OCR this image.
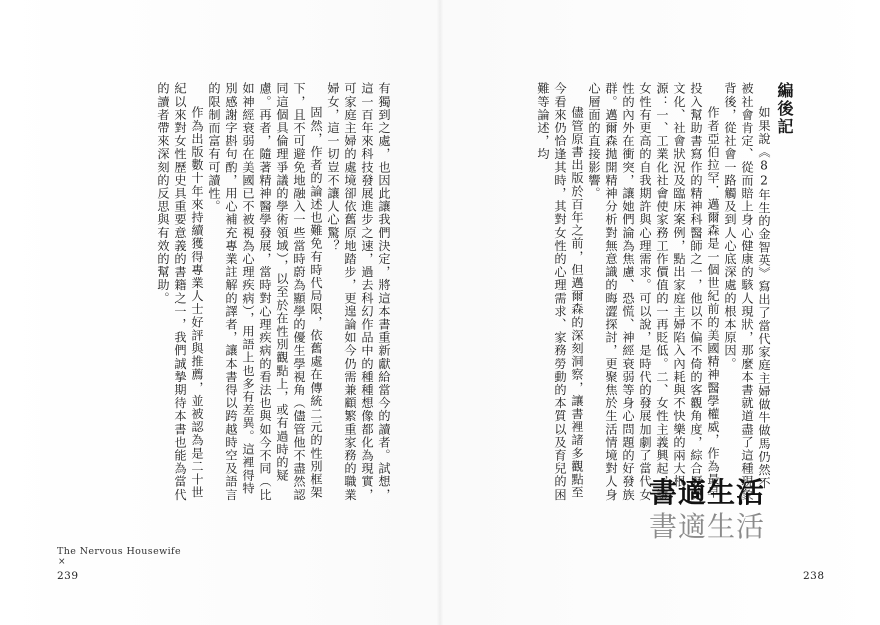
編後記

如果說《82年生的金智英》寫出了當代家庭主婦做牛做馬仍然不被社會肯定、從而賠上身心健康的駭人現狀，那麼本書就道盡了這種現象背後，從社會一路觸及到人心底深處的根本原因。

作者亞伯拉罕．邁爾森是一個世紀前的美國精神醫學權威，作為最早投入幫助書寫作的精神科醫師之一，他以不偏不倚的客觀角度，綜合歷史文化、社會狀況及臨床案例，點出家庭主婦陷入內耗與不快樂的兩大根源：一、工業化社會使家務工作價值的一再貶低。二、女性主義興起，讓女性有更高的自我期許與心理需求。可以說，是時代的發展加劇了當代女性的內外在衝突，讓她們淪為焦慮、恐慌、神經衰弱等身心問題的好發族群。邁爾森拋開精神分析對無意識的晦澀探討，更聚焦於生活情境對人身心層面的直接影響。

儘管原書出版於百年之前，但邁爾森的深刻洞察，讓書裡諸多觀點至今看來仍恰逢其時，其對女性的心理需求、家務勞動的本質以及育兒的困難等論述，均

有獨到之處，也因此讓我們決定，將這本書重新獻給當今的讀者。試想，這一百年來科技發展進步之速，過去科幻作品中的種種想像都化為現實，可家庭主婦的處境卻依舊原地踏步，更遑論如今仍需兼顧繁重家務的職業婦女，這一切豈不讓人心驚？

固然，作者的論述也難免有時代局限，依舊處在傳統二元的性別框架下，且不可避免地融入一些當時蔚為顯學的優生學視角（儘管他不盡然認同這個具倫理爭議的學術領域），以至於在性別觀點上，或有過時的疑慮。再者，隨著精神醫學發展，當時對心理疾病的看法也與如今不同（比如神經衰弱在美國已不被視為心理疾病），用語上也多有差異。這裡得特別感謝字斟句酌，用心補充專業註解的譯者，讓本書得以跨越時空及語言的限制而富有可讀性。

作為出版數十年來持續獲得專業人士好評與推薦，並被認為是二十世紀以來對女性歷史具重要意義的書籍之一，我們誠摯期待本書也能為當代的讀者帶來深刻的反思與有效的幫助。

書適生活
書適生活
The Nervous Housewife
×
239	238
